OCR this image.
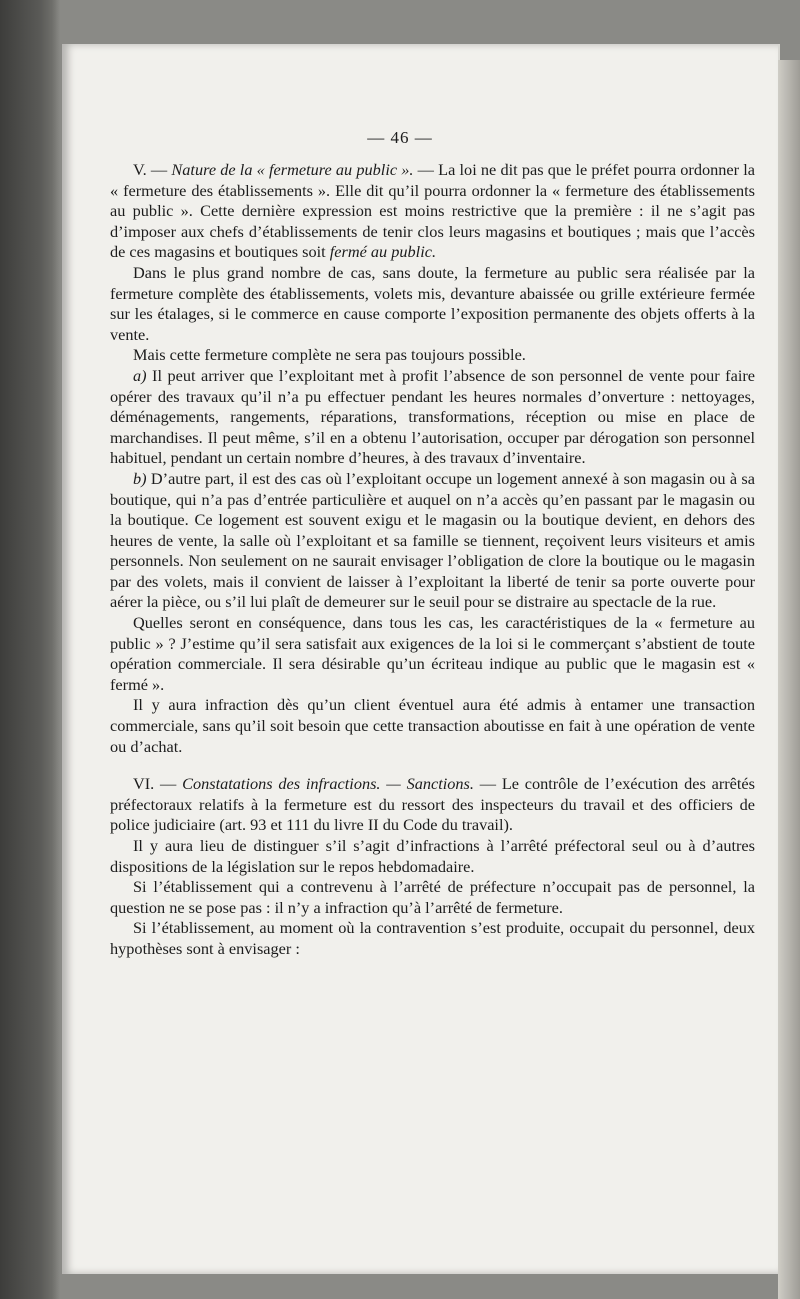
— 46 —

V. — Nature de la « fermeture au public ». — La loi ne dit pas que le préfet pourra ordonner la « fermeture des établissements ». Elle dit qu’il pourra ordonner la « fermeture des établissements au public ». Cette dernière expression est moins restrictive que la première : il ne s’agit pas d’imposer aux chefs d’établissements de tenir clos leurs magasins et boutiques ; mais que l’accès de ces magasins et boutiques soit fermé au public.

Dans le plus grand nombre de cas, sans doute, la fermeture au public sera réalisée par la fermeture complète des établissements, volets mis, devanture abaissée ou grille extérieure fermée sur les étalages, si le commerce en cause comporte l’exposition permanente des objets offerts à la vente.

Mais cette fermeture complète ne sera pas toujours possible.

a) Il peut arriver que l’exploitant met à profit l’absence de son personnel de vente pour faire opérer des travaux qu’il n’a pu effectuer pendant les heures normales d’onverture : nettoyages, déménagements, rangements, réparations, transformations, réception ou mise en place de marchandises. Il peut même, s’il en a obtenu l’autorisation, occuper par dérogation son personnel habituel, pendant un certain nombre d’heures, à des travaux d’inventaire.

b) D’autre part, il est des cas où l’exploitant occupe un logement annexé à son magasin ou à sa boutique, qui n’a pas d’entrée particulière et auquel on n’a accès qu’en passant par le magasin ou la boutique. Ce logement est souvent exigu et le magasin ou la boutique devient, en dehors des heures de vente, la salle où l’exploitant et sa famille se tiennent, reçoivent leurs visiteurs et amis personnels. Non seulement on ne saurait envisager l’obligation de clore la boutique ou le magasin par des volets, mais il convient de laisser à l’exploitant la liberté de tenir sa porte ouverte pour aérer la pièce, ou s’il lui plaît de demeurer sur le seuil pour se distraire au spectacle de la rue.

Quelles seront en conséquence, dans tous les cas, les caractéristiques de la « fermeture au public » ? J’estime qu’il sera satisfait aux exigences de la loi si le commerçant s’abstient de toute opération commerciale. Il sera désirable qu’un écriteau indique au public que le magasin est « fermé ».

Il y aura infraction dès qu’un client éventuel aura été admis à entamer une transaction commerciale, sans qu’il soit besoin que cette transaction aboutisse en fait à une opération de vente ou d’achat.

VI. — Constatations des infractions. — Sanctions. — Le contrôle de l’exécution des arrêtés préfectoraux relatifs à la fermeture est du ressort des inspecteurs du travail et des officiers de police judiciaire (art. 93 et 111 du livre II du Code du travail).

Il y aura lieu de distinguer s’il s’agit d’infractions à l’arrêté préfectoral seul ou à d’autres dispositions de la législation sur le repos hebdomadaire.

Si l’établissement qui a contrevenu à l’arrêté de préfecture n’occupait pas de personnel, la question ne se pose pas : il n’y a infraction qu’à l’arrêté de fermeture.

Si l’établissement, au moment où la contravention s’est produite, occupait du personnel, deux hypothèses sont à envisager :
